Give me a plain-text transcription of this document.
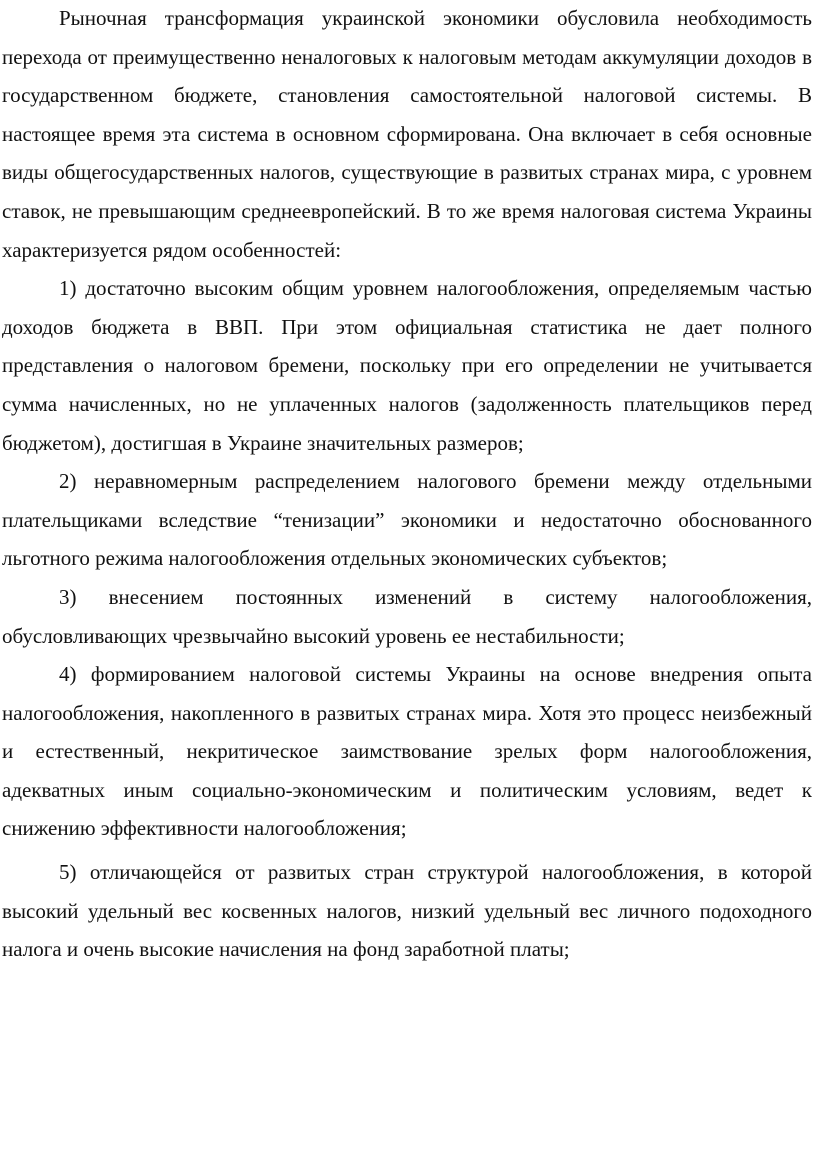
Рыночная трансформация украинской экономики обусловила необходимость перехода от преимущественно неналоговых к налоговым методам аккумуляции доходов в государственном бюджете, становления самостоятельной налоговой системы. В настоящее время эта система в основном сформирована. Она включает в себя основные виды общегосударственных налогов, существующие в развитых странах мира, с уровнем ставок, не превышающим среднеевропейский. В то же время налоговая система Украины характеризуется рядом особенностей:

1) достаточно высоким общим уровнем налогообложения, определяемым частью доходов бюджета в ВВП. При этом официальная статистика не дает полного представления о налоговом бремени, поскольку при его определении не учитывается сумма начисленных, но не уплаченных налогов (задолженность плательщиков перед бюджетом), достигшая в Украине значительных размеров;

2) неравномерным распределением налогового бремени между отдельными плательщиками вследствие “тенизации” экономики и недостаточно обоснованного льготного режима налогообложения отдельных экономических субъектов;

3) внесением постоянных изменений в систему налогообложения, обусловливающих чрезвычайно высокий уровень ее нестабильности;

4) формированием налоговой системы Украины на основе внедрения опыта налогообложения, накопленного в развитых странах мира. Хотя это процесс неизбежный и естественный, некритическое заимствование зрелых форм налогообложения, адекватных иным социально-экономическим и политическим условиям, ведет к снижению эффективности налогообложения;

5) отличающейся от развитых стран структурой налогообложения, в которой высокий удельный вес косвенных налогов, низкий удельный вес личного подоходного налога и очень высокие начисления на фонд заработной платы;
